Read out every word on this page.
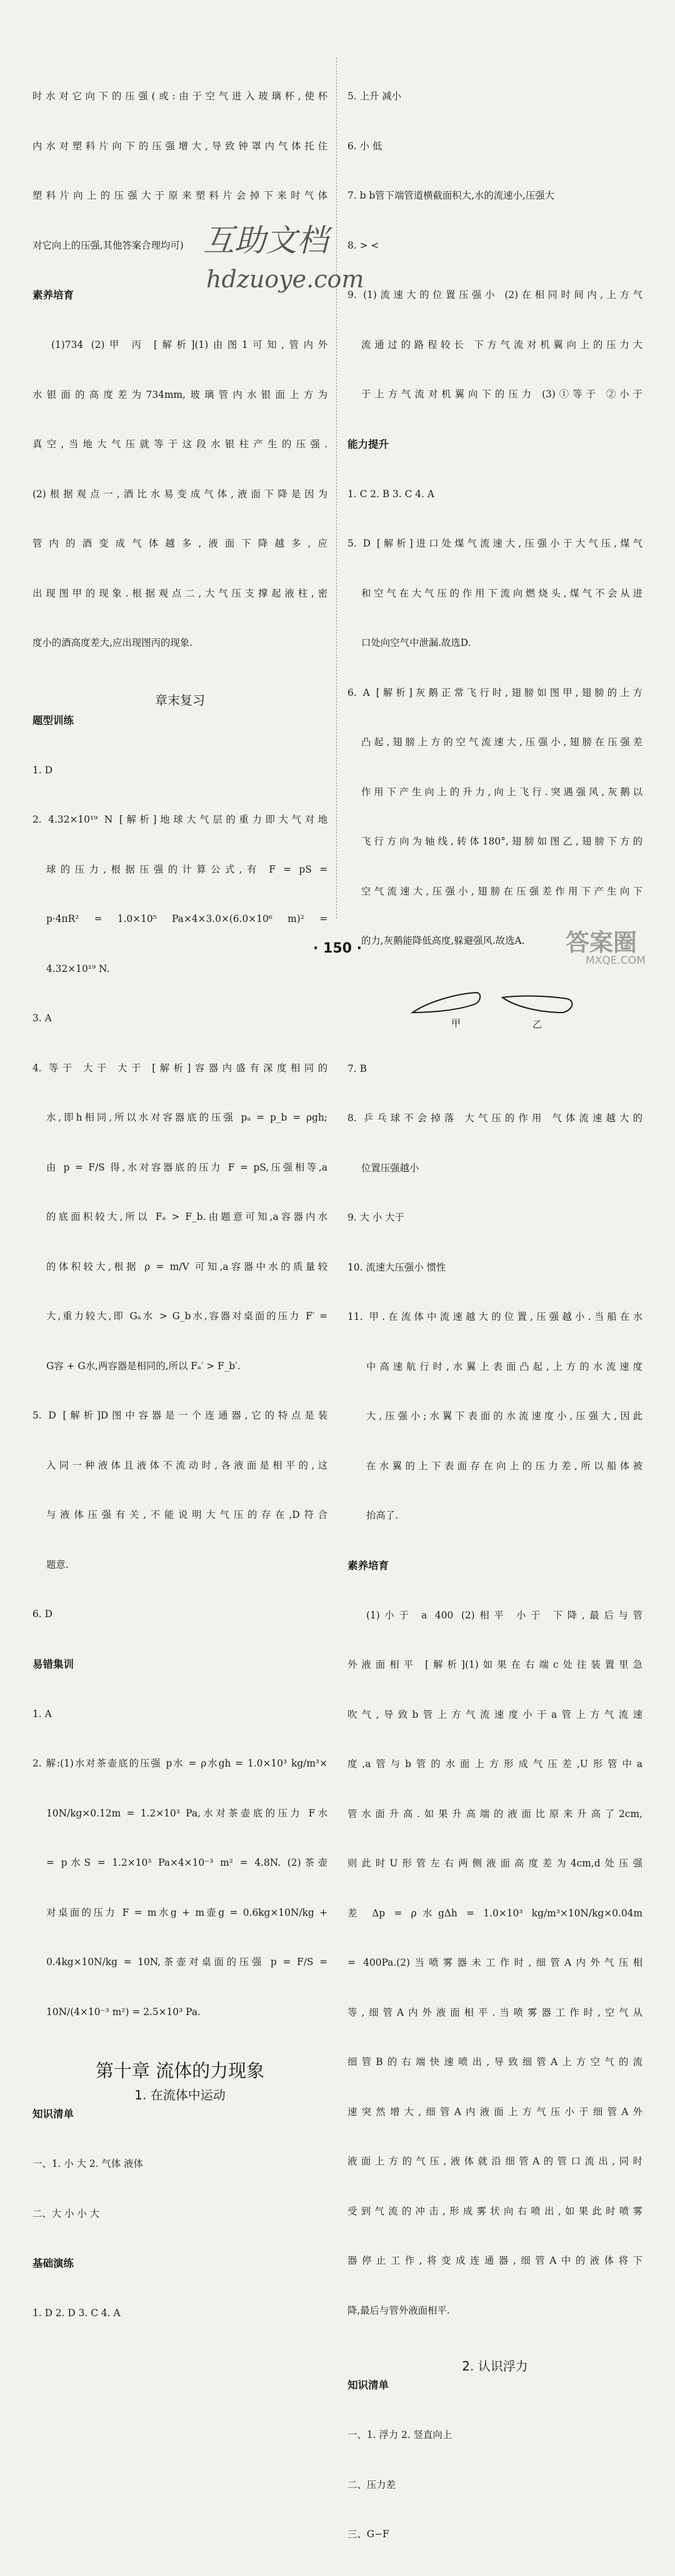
时水对它向下的压强(或:由于空气进入玻璃杯,使杯

内水对塑料片向下的压强增大,导致钟罩内气体托住

塑料片向上的压强大于原来塑料片会掉下来时气体

对它向上的压强,其他答案合理均可)

素养培育

(1)734 (2)甲 丙 [解析](1)由图1可知,管内外

水银面的高度差为734mm,玻璃管内水银面上方为

真空,当地大气压就等于这段水银柱产生的压强.

(2)根据观点一,酒比水易变成气体,液面下降是因为

管内的酒变成气体越多,液面下降越多,应

出现图甲的现象.根据观点二,大气压支撑起液柱,密

度小的酒高度差大,应出现图丙的现象.

章末复习

题型训练

1. D

2. 4.32×10¹⁹ N [解析]地球大气层的重力即大气对地

球的压力,根据压强的计算公式,有 F = pS =

p·4πR² = 1.0×10⁵ Pa×4×3.0×(6.0×10⁶ m)² =

4.32×10¹⁹ N.

3. A

4. 等于 大于 大于 [解析]容器内盛有深度相同的

水,即h相同,所以水对容器底的压强 pₐ = p_b = ρgh;

由 p = F/S 得,水对容器底的压力 F = pS,压强相等,a

的底面积较大,所以 Fₐ > F_b.由题意可知,a容器内水

的体积较大,根据 ρ = m/V 可知,a容器中水的质量较

大,重力较大,即 Gₐ水 > G_b水,容器对桌面的压力 F′ =

G容 + G水,两容器是相同的,所以 Fₐ′ > F_b′.

5. D [解析]D图中容器是一个连通器,它的特点是装

入同一种液体且液体不流动时,各液面是相平的,这

与液体压强有关,不能说明大气压的存在,D符合

题意.

6. D

易错集训

1. A

2. 解:(1)水对茶壶底的压强 p水 = ρ水gh = 1.0×10³ kg/m³×

10N/kg×0.12m = 1.2×10³ Pa,水对茶壶底的压力 F水

= p水S = 1.2×10³ Pa×4×10⁻³ m² = 4.8N. (2)茶壶

对桌面的压力 F = m水g + m壶g = 0.6kg×10N/kg +

0.4kg×10N/kg = 10N,茶壶对桌面的压强 p = F/S =

10N/(4×10⁻³ m²) = 2.5×10³ Pa.

第十章 流体的力现象

1. 在流体中运动

知识清单

一、1. 小 大 2. 气体 液体

二、大 小 小 大

基础演练

1. D 2. D 3. C 4. A

5. 上升 减小

6. 小 低

7. b b管下端管道横截面积大,水的流速小,压强大

8. > <

9. (1)流速大的位置压强小 (2)在相同时间内,上方气

流通过的路程较长 下方气流对机翼向上的压力大

于上方气流对机翼向下的压力 (3)①等于 ②小于

能力提升

1. C 2. B 3. C 4. A

5. D [解析]进口处煤气流速大,压强小于大气压,煤气

和空气在大气压的作用下流向燃烧头,煤气不会从进

口处向空气中泄漏.故选D.

6. A [解析]灰鹅正常飞行时,翅膀如图甲,翅膀的上方

凸起,翅膀上方的空气流速大,压强小,翅膀在压强差

作用下产生向上的升力,向上飞行.突遇强风,灰鹅以

飞行方向为轴线,转体180°,翅膀如图乙,翅膀下方的

空气流速大,压强小,翅膀在压强差作用下产生向下

的力,灰鹅能降低高度,躲避强风.故选A.

甲	乙

7. B

8. 乒乓球不会掉落 大气压的作用 气体流速越大的

位置压强越小

9. 大 小 大于

10. 流速大压强小 惯性

11. 甲.在流体中流速越大的位置,压强越小.当船在水

中高速航行时,水翼上表面凸起,上方的水流速度

大,压强小;水翼下表面的水流速度小,压强大,因此

在水翼的上下表面存在向上的压力差,所以船体被

抬高了.

素养培育

(1)小于 a 400 (2)相平 小于 下降,最后与管

外液面相平 [解析](1)如果在右端c处往装置里急

吹气,导致b管上方气流速度小于a管上方气流速

度,a管与b管的水面上方形成气压差,U形管中a

管水面升高.如果升高端的液面比原来升高了2cm,

则此时U形管左右两侧液面高度差为4cm,d处压强

差 Δp = ρ水gΔh = 1.0×10³ kg/m³×10N/kg×0.04m

= 400Pa.(2)当喷雾器未工作时,细管A内外气压相

等,细管A内外液面相平.当喷雾器工作时,空气从

细管B的右端快速喷出,导致细管A上方空气的流

速突然增大,细管A内液面上方气压小于细管A外

液面上方的气压,液体就沿细管A的管口流出,同时

受到气流的冲击,形成雾状向右喷出,如果此时喷雾

器停止工作,将变成连通器,细管A中的液体将下

降,最后与管外液面相平.

2. 认识浮力

知识清单

一、1. 浮力 2. 竖直向上

二、压力差

三、G−F

互助文档
hdzuoye.com
· 150 ·	答案圈
MXQE.COM
